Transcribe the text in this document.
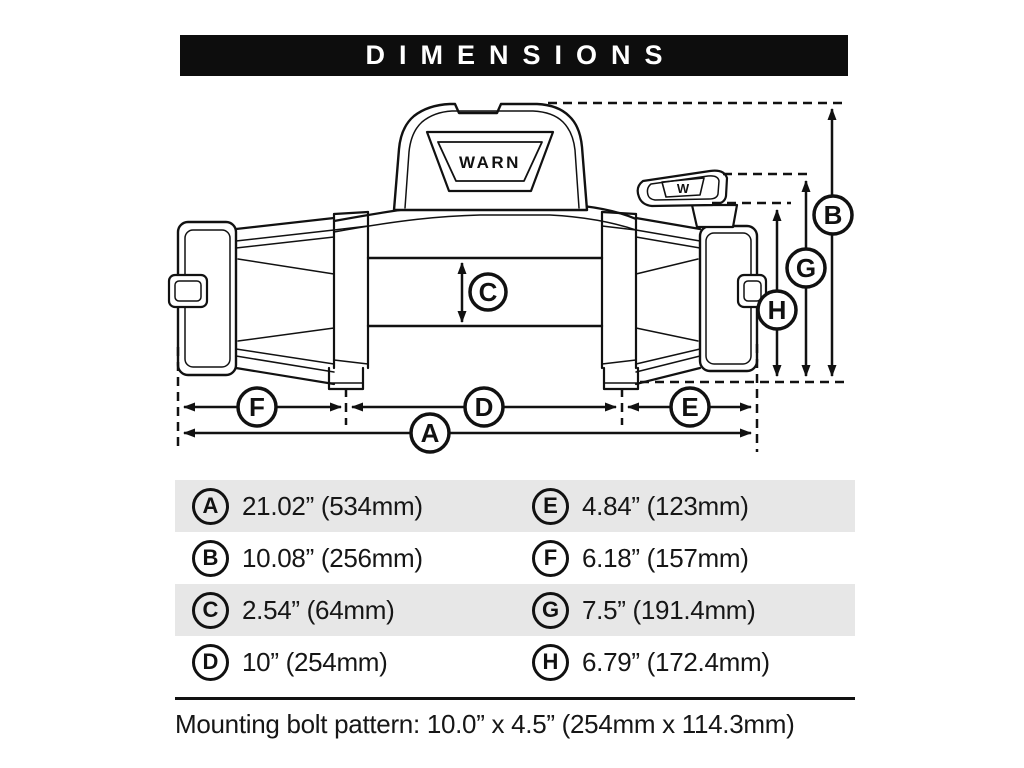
DIMENSIONS
WARN
W
F	D	E
A
B
G
H
C
A 21.02” (534mm)	E 4.84” (123mm)
B 10.08” (256mm)	F 6.18” (157mm)
C 2.54” (64mm)	G 7.5” (191.4mm)
D 10” (254mm)	H 6.79” (172.4mm)
Mounting bolt pattern: 10.0” x 4.5” (254mm x 114.3mm)
